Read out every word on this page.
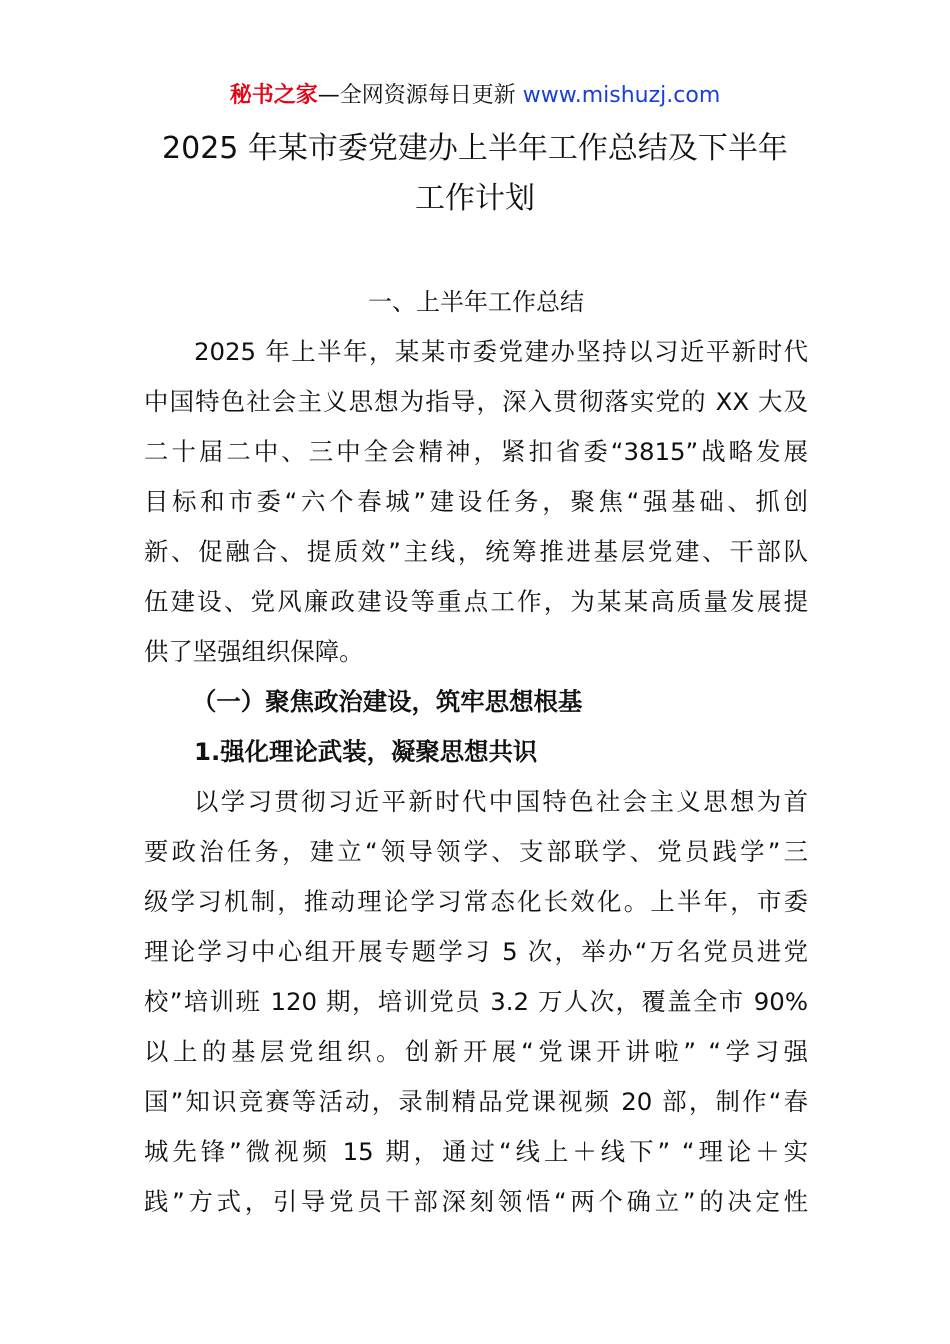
秘书之家—全网资源每日更新 www.mishuzj.com
2025 年某市委党建办上半年工作总结及下半年
工作计划
一、上半年工作总结
2025 年上半年，某某市委党建办坚持以习近平新时代
中国特色社会主义思想为指导，深入贯彻落实党的 XX 大及
二十届二中、三中全会精神，紧扣省委“3815”战略发展
目标和市委“六个春城”建设任务，聚焦“强基础、抓创
新、促融合、提质效”主线，统筹推进基层党建、干部队
伍建设、党风廉政建设等重点工作，为某某高质量发展提
供了坚强组织保障。
（一）聚焦政治建设，筑牢思想根基
1.强化理论武装，凝聚思想共识
以学习贯彻习近平新时代中国特色社会主义思想为首
要政治任务，建立“领导领学、支部联学、党员践学”三
级学习机制，推动理论学习常态化长效化。上半年，市委
理论学习中心组开展专题学习 5 次，举办“万名党员进党
校”培训班 120 期，培训党员 3.2 万人次，覆盖全市 90%
以上的基层党组织。创新开展“党课开讲啦” “学习强
国”知识竞赛等活动，录制精品党课视频 20 部，制作“春
城先锋”微视频 15 期，通过“线上＋线下” “理论＋实
践”方式，引导党员干部深刻领悟“两个确立”的决定性
